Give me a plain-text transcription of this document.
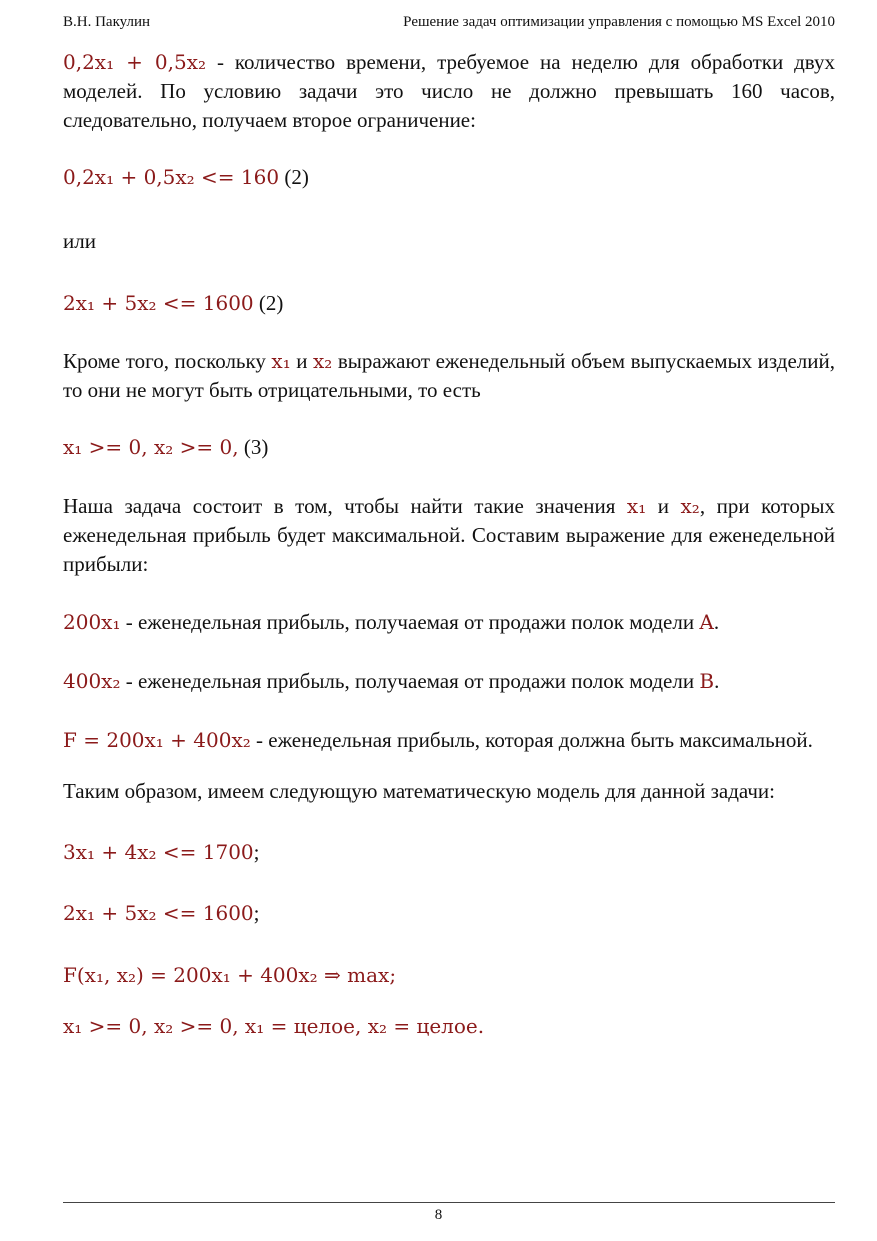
В.Н. Пакулин	Решение задач оптимизации управления с помощью MS Excel 2010

0,2x₁ + 0,5x₂ - количество времени, требуемое на неделю для обработки двух моделей. По условию задачи это число не должно превышать 160 часов, следовательно, получаем второе ограничение:

0,2x₁ + 0,5x₂ <= 160 (2)

или

2x₁ + 5x₂ <= 1600 (2)

Кроме того, поскольку x₁ и x₂ выражают еженедельный объем выпускаемых изделий, то они не могут быть отрицательными, то есть

x₁ >= 0, x₂ >= 0, (3)

Наша задача состоит в том, чтобы найти такие значения x₁ и x₂, при которых еженедельная прибыль будет максимальной. Составим выражение для еженедельной прибыли:

200x₁ - еженедельная прибыль, получаемая от продажи полок модели A.

400x₂ - еженедельная прибыль, получаемая от продажи полок модели B.

F = 200x₁ + 400x₂ - еженедельная прибыль, которая должна быть максимальной.

Таким образом, имеем следующую математическую модель для данной задачи:

3x₁ + 4x₂ <= 1700;

2x₁ + 5x₂ <= 1600;

F(x₁, x₂) = 200x₁ + 400x₂ ⇒ max;

x₁ >= 0, x₂ >= 0, x₁ = целое, x₂ = целое.

8
